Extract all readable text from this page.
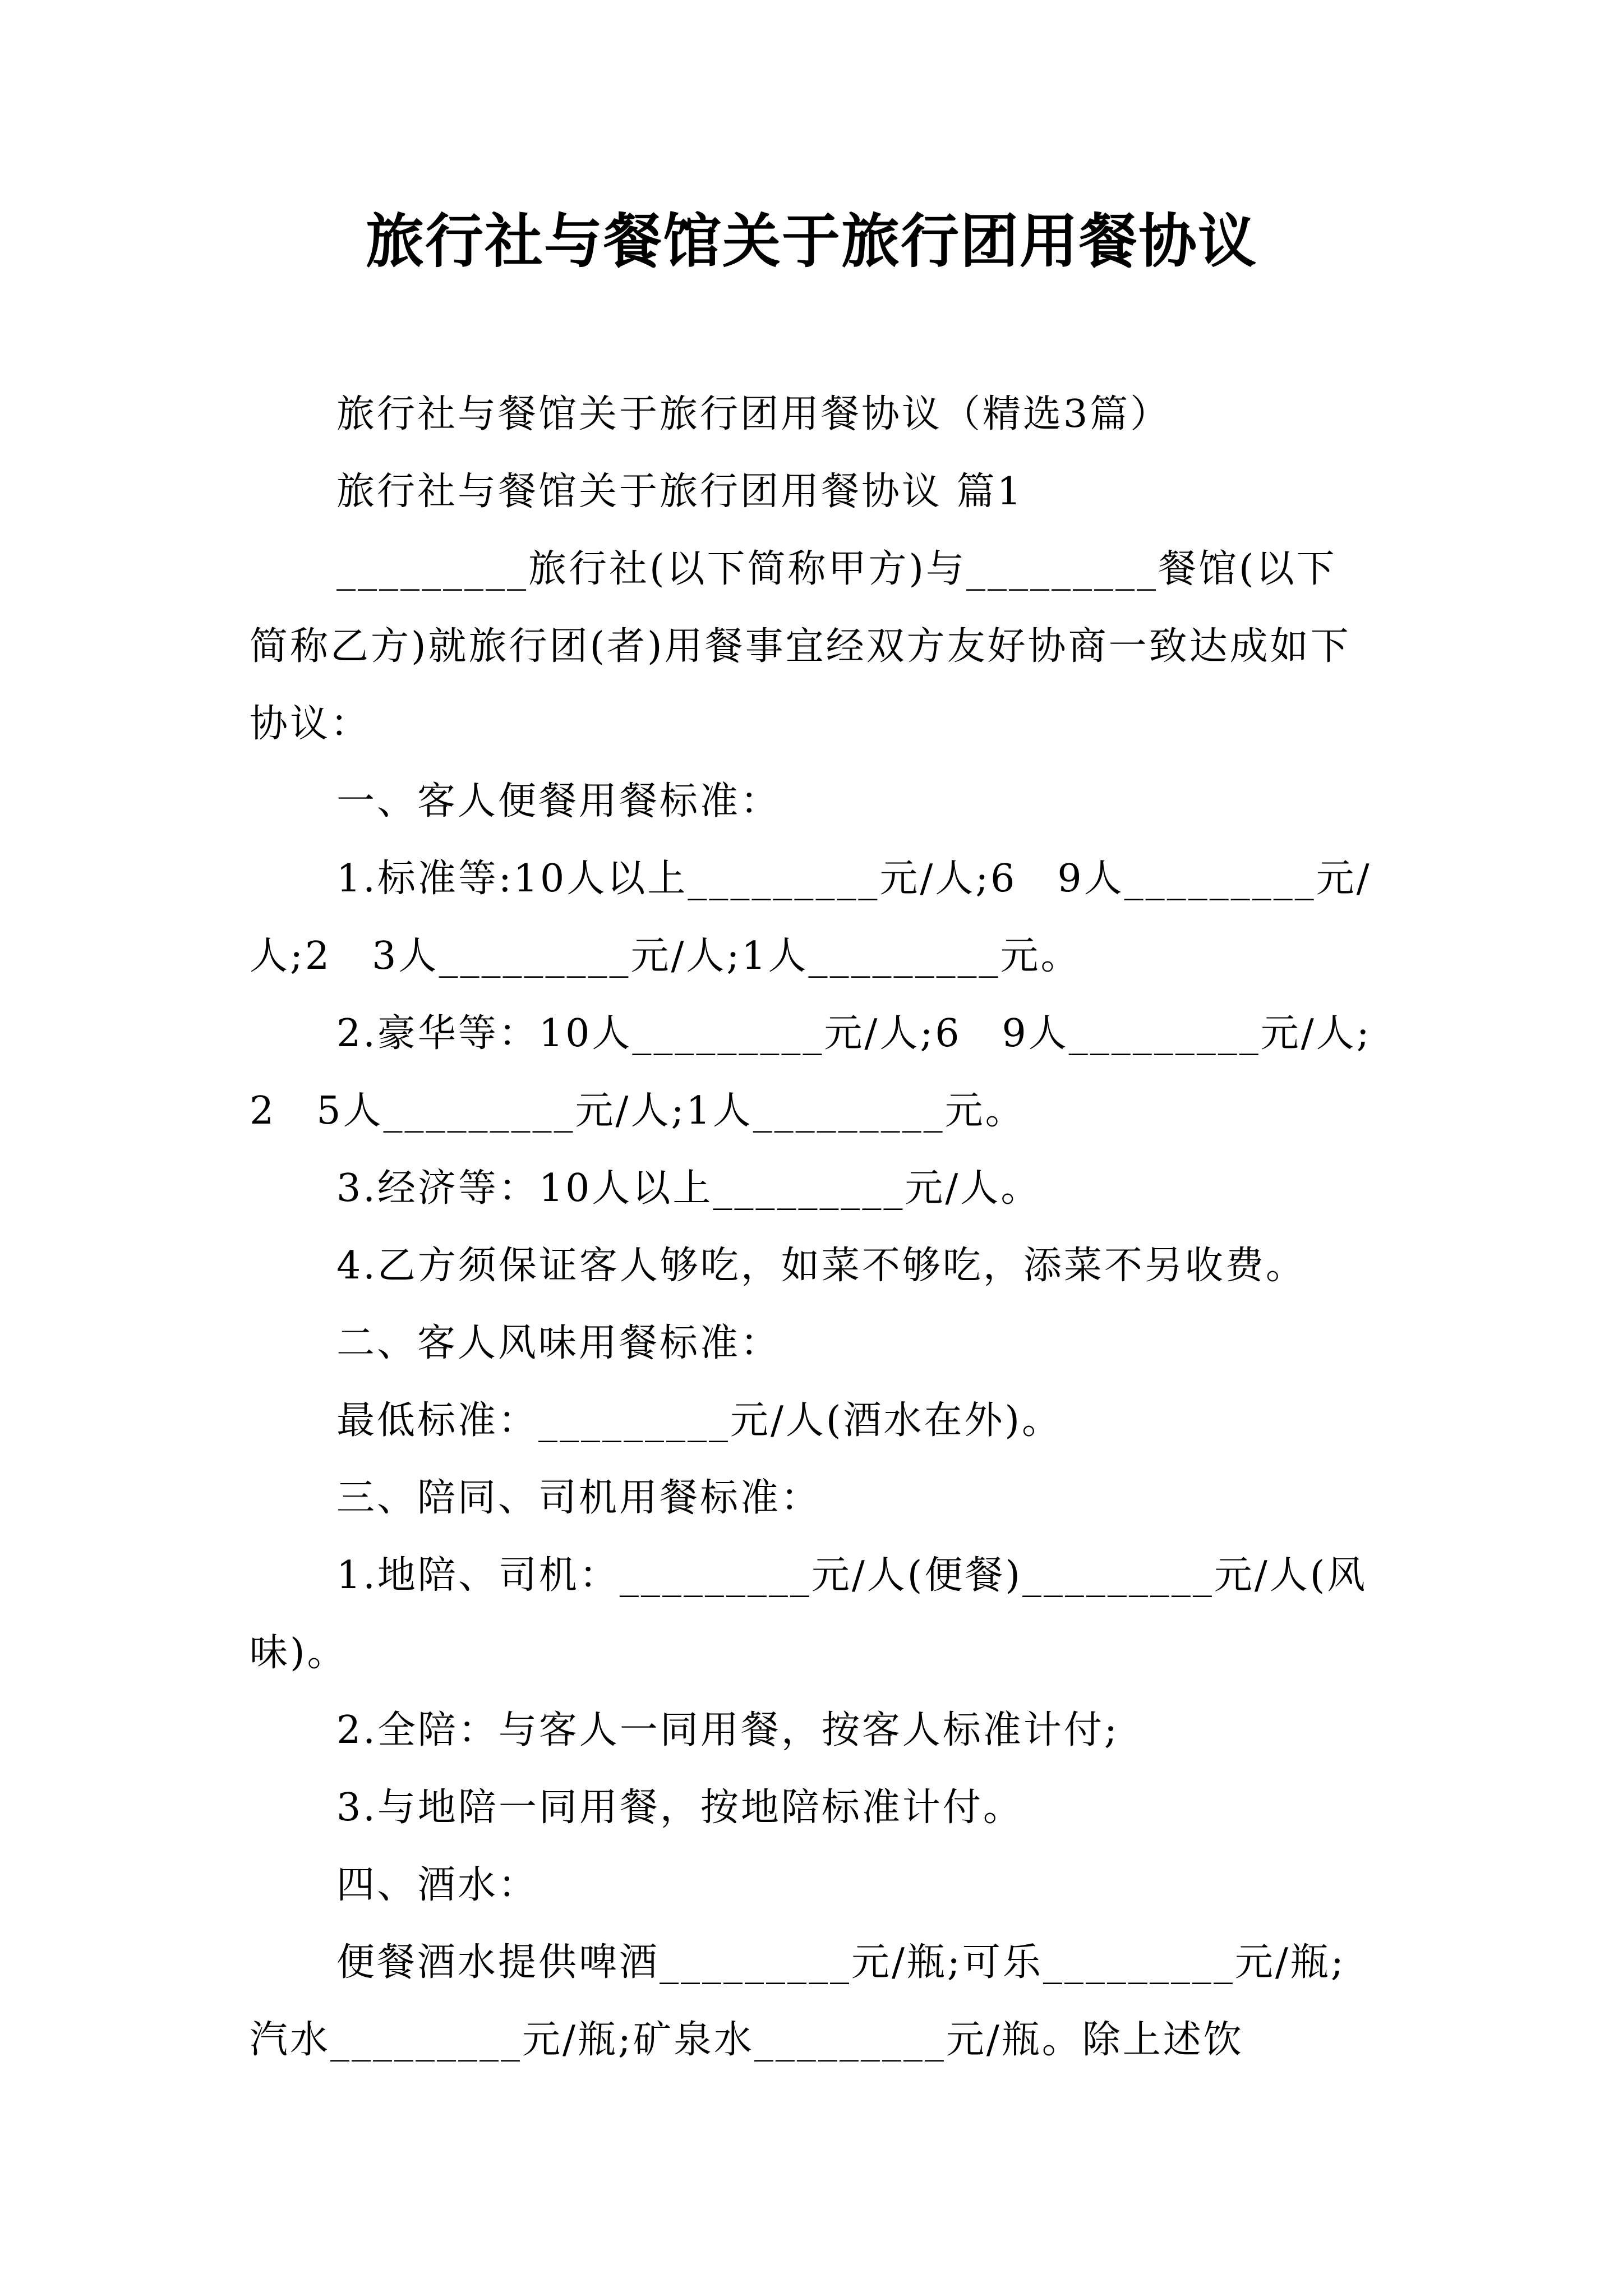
旅行社与餐馆关于旅行团用餐协议

旅行社与餐馆关于旅行团用餐协议（精选3篇）

旅行社与餐馆关于旅行团用餐协议 篇1

_________旅行社(以下简称甲方)与_________餐馆(以下简称乙方)就旅行团(者)用餐事宜经双方友好协商一致达成如下协议：

一、客人便餐用餐标准：

1.标准等:10人以上_________元/人;6　9人_________元/人;2　3人_________元/人;1人_________元。

2.豪华等：10人_________元/人;6　9人_________元/人;2　5人_________元/人;1人_________元。

3.经济等：10人以上_________元/人。

4.乙方须保证客人够吃，如菜不够吃，添菜不另收费。

二、客人风味用餐标准：

最低标准：_________元/人(酒水在外)。

三、陪同、司机用餐标准：

1.地陪、司机：_________元/人(便餐)_________元/人(风味)。

2.全陪：与客人一同用餐，按客人标准计付;

3.与地陪一同用餐，按地陪标准计付。

四、酒水：

便餐酒水提供啤酒_________元/瓶;可乐_________元/瓶;汽水_________元/瓶;矿泉水_________元/瓶。除上述饮
